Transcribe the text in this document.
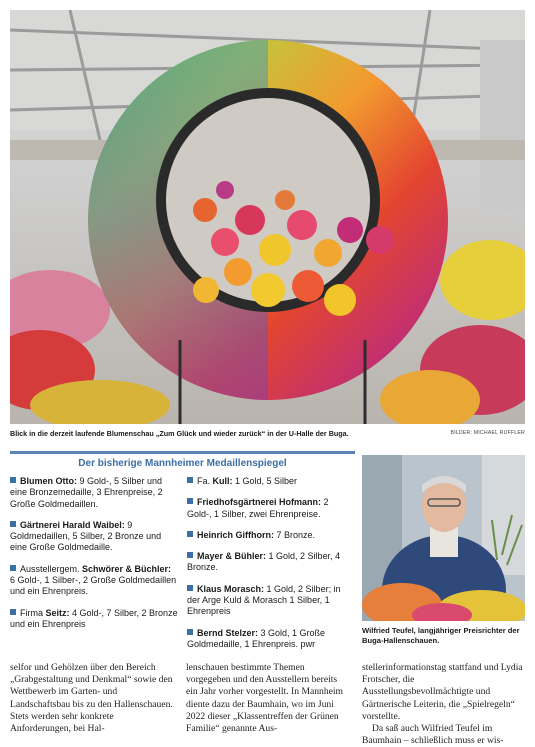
Blick in die derzeit laufende Blumenschau „Zum Glück und wieder zurück“ in der U-Halle der Buga.	BILDER: MICHAEL RUFFLER
Der bisherige Mannheimer Medaillenspiegel
Blumen Otto: 9 Gold-, 5 Silber und eine Bronzemedaille, 3 Ehrenpreise, 2 Große Goldmedaillen.
Gärtnerei Harald Waibel: 9 Goldmedaillen, 5 Silber, 2 Bronze und eine Große Goldmedaille.
Ausstellergem. Schwörer & Büchler: 6 Gold-, 1 Silber-, 2 Große Goldmedaillen und ein Ehrenpreis.
Firma Seitz: 4 Gold-, 7 Silber, 2 Bronze und ein Ehrenpreis
Fa. Kull: 1 Gold, 5 Silber
Friedhofsgärtnerei Hofmann: 2 Gold-, 1 Silber, zwei Ehrenpreise.
Heinrich Giffhorn: 7 Bronze.
Mayer & Bühler: 1 Gold, 2 Silber, 4 Bronze.
Klaus Morasch: 1 Gold, 2 Silber; in der Arge Kuld & Morasch 1 Silber, 1 Ehrenpreis
Bernd Stelzer: 3 Gold, 1 Große Goldmedaille, 1 Ehrenpreis. pwr
Wilfried Teufel, langjähriger Preisrichter der Buga-Hallenschauen.
selfor und Gehölzen über den Bereich „Grabgestaltung und Denkmal“ sowie den Wettbewerb im Garten- und Landschaftsbau bis zu den Hallenschauen. Stets werden sehr konkrete Anforderungen, bei Hal-
lenschauen bestimmte Themen vorgegeben und den Ausstellern bereits ein Jahr vorher vorgestellt. In Mannheim diente dazu der Baumhain, wo im Juni 2022 dieser „Klassentreffen der Grünen Familie“ genannte Aus-
stellerinformationstag stattfand und Lydia Frotscher, die Ausstellungsbevollmächtigte und Gärtnerische Leiterin, die „Spielregeln“ vorstellte.
Da saß auch Wilfried Teufel im Baumhain – schließlich muss er wis-
